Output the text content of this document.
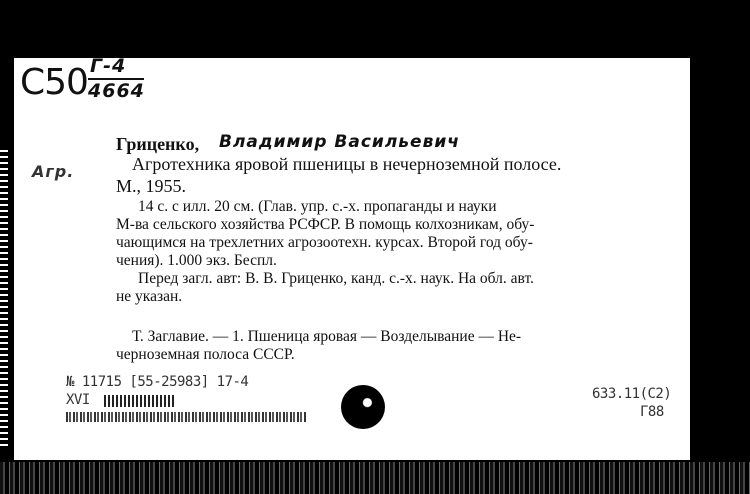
С50 Г-4
4664
Гриценко, Владимир Васильевич
Агр.	Агротехника яровой пшеницы в нечерноземной полосе.
М., 1955.
14 с. с илл. 20 см. (Глав. упр. с.-х. пропаганды и науки
М-ва сельского хозяйства РСФСР. В помощь колхозникам, обу-
чающимся на трехлетних агрозоотехн. курсах. Второй год обу-
чения). 1.000 экз. Беспл.
Перед загл. авт: В. В. Гриценко, канд. с.-х. наук. На обл. авт.
не указан.
Т. Заглавие. — 1. Пшеница яровая — Возделывание — Не-
черноземная полоса СССР.
№ 11715 [55-25983] 17-4
XVI	633.11(С2)
Г88
